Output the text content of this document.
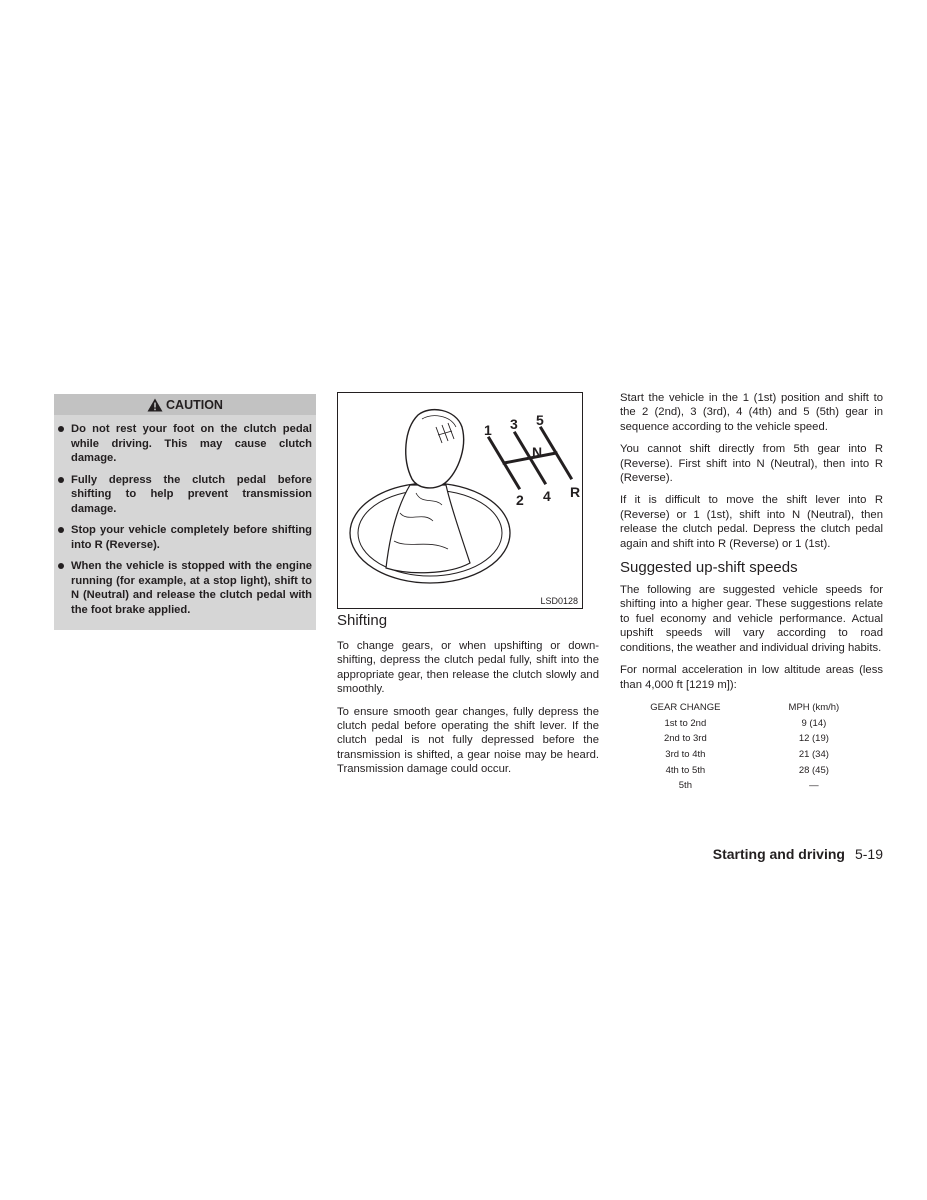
CAUTION
Do not rest your foot on the clutch pedal while driving. This may cause clutch damage.
Fully depress the clutch pedal before shifting to help prevent transmission damage.
Stop your vehicle completely before shifting into R (Reverse).
When the vehicle is stopped with the engine running (for example, at a stop light), shift to N (Neutral) and release the clutch pedal with the foot brake applied.
1 3 5
N
2 4 R
LSD0128
Shifting

To change gears, or when upshifting or down-shifting, depress the clutch pedal fully, shift into the appropriate gear, then release the clutch slowly and smoothly.

To ensure smooth gear changes, fully depress the clutch pedal before operating the shift lever. If the clutch pedal is not fully depressed before the transmission is shifted, a gear noise may be heard. Transmission damage could occur.

Start the vehicle in the 1 (1st) position and shift to the 2 (2nd), 3 (3rd), 4 (4th) and 5 (5th) gear in sequence according to the vehicle speed.

You cannot shift directly from 5th gear into R (Reverse). First shift into N (Neutral), then into R (Reverse).

If it is difficult to move the shift lever into R (Reverse) or 1 (1st), shift into N (Neutral), then release the clutch pedal. Depress the clutch pedal again and shift into R (Reverse) or 1 (1st).

Suggested up-shift speeds

The following are suggested vehicle speeds for shifting into a higher gear. These suggestions relate to fuel economy and vehicle performance. Actual upshift speeds will vary according to road conditions, the weather and individual driving habits.

For normal acceleration in low altitude areas (less than 4,000 ft [1219 m]):

GEAR CHANGE	MPH (km/h)
1st to 2nd	9 (14)
2nd to 3rd	12 (19)
3rd to 4th	21 (34)
4th to 5th	28 (45)
5th	—
Starting and driving 5-19
